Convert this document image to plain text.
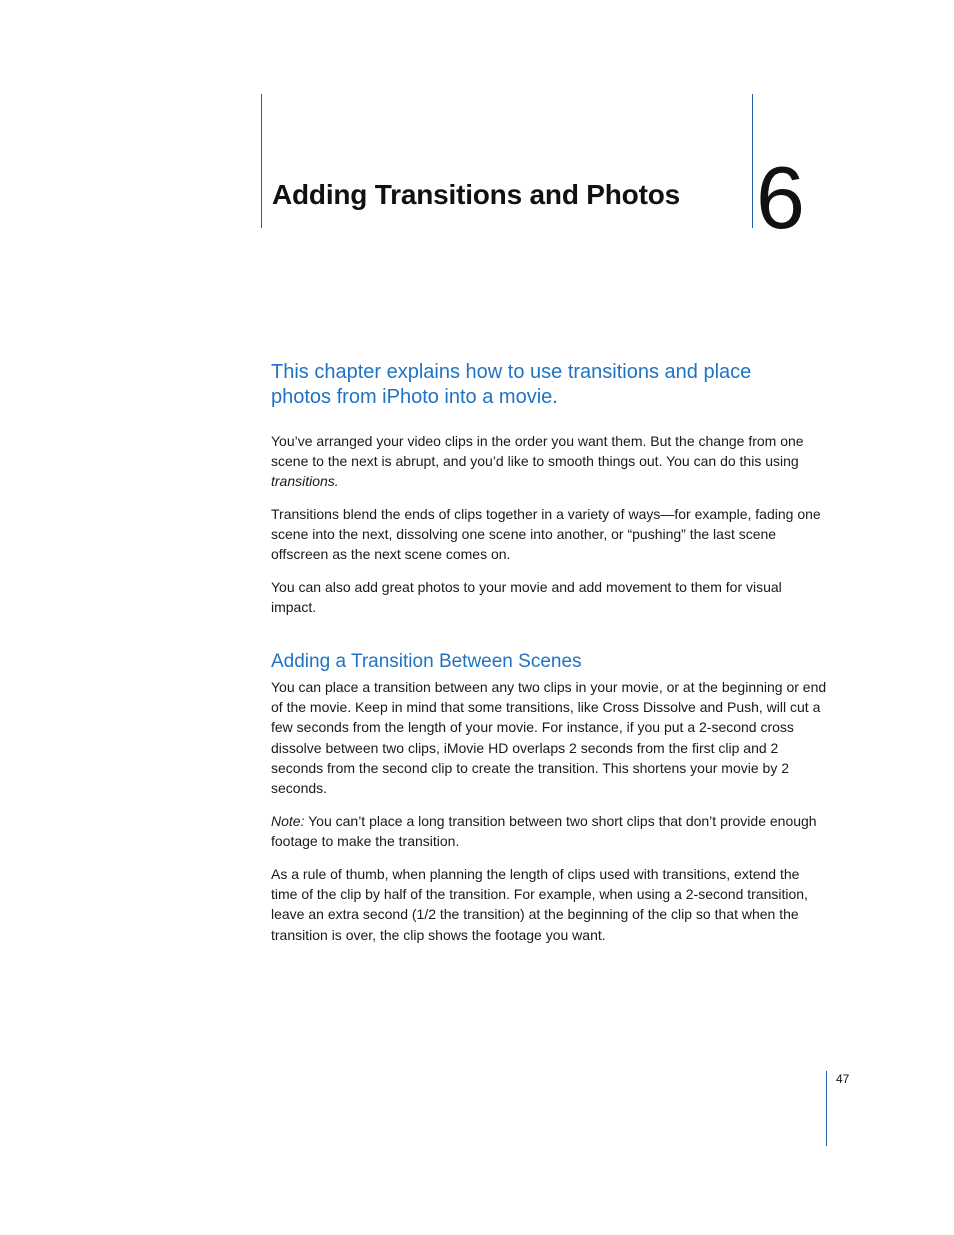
Adding Transitions and Photos 6
This chapter explains how to use transitions and place photos from iPhoto into a movie.

You’ve arranged your video clips in the order you want them. But the change from one scene to the next is abrupt, and you’d like to smooth things out. You can do this using transitions.

Transitions blend the ends of clips together in a variety of ways—for example, fading one scene into the next, dissolving one scene into another, or “pushing” the last scene offscreen as the next scene comes on.

You can also add great photos to your movie and add movement to them for visual impact.

Adding a Transition Between Scenes

You can place a transition between any two clips in your movie, or at the beginning or end of the movie. Keep in mind that some transitions, like Cross Dissolve and Push, will cut a few seconds from the length of your movie. For instance, if you put a 2-second cross dissolve between two clips, iMovie HD overlaps 2 seconds from the first clip and 2 seconds from the second clip to create the transition. This shortens your movie by 2 seconds.

Note: You can’t place a long transition between two short clips that don’t provide enough footage to make the transition.

As a rule of thumb, when planning the length of clips used with transitions, extend the time of the clip by half of the transition. For example, when using a 2-second transition, leave an extra second (1/2 the transition) at the beginning of the clip so that when the transition is over, the clip shows the footage you want.

47
